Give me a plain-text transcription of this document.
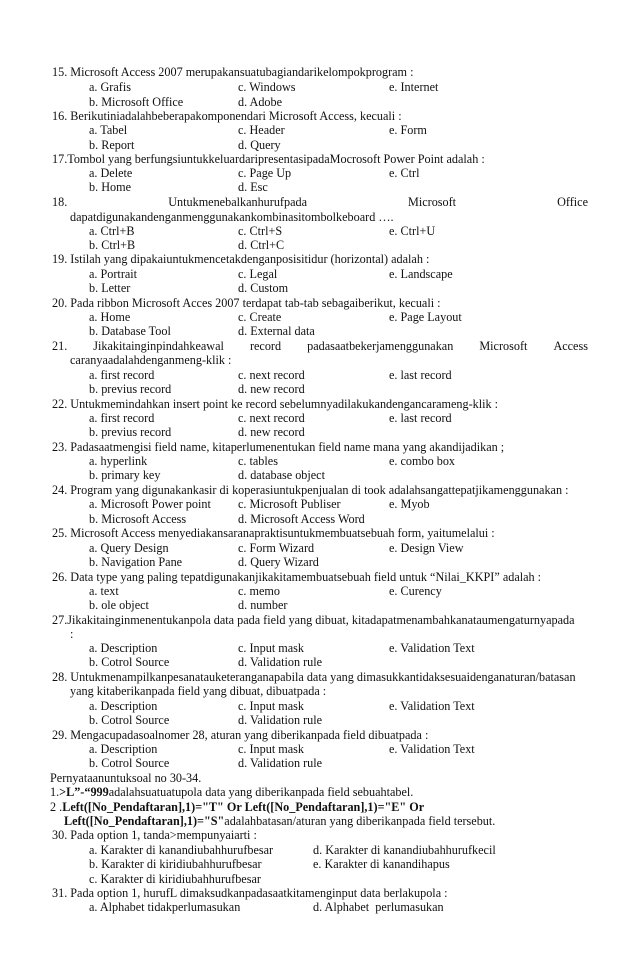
15. Microsoft Access 2007 merupakansuatubagiandarikelompokprogram :
a. Grafis	c. Windows	e. Internet
b. Microsoft Office	d. Adobe
16. Berikutiniadalahbeberapakomponendari Microsoft Access, kecuali :
a. Tabel	c. Header	e. Form
b. Report	d. Query
17.Tombol yang berfungsiuntukkeluardaripresentasipadaMocrosoft Power Point adalah :
a. Delete	c. Page Up	e. Ctrl
b. Home	d. Esc
18.	Untukmenebalkanhurufpada	Microsoft	Office
dapatdigunakandenganmenggunakankombinasitombolkeboard ….
a. Ctrl+B	c. Ctrl+S	e. Ctrl+U
b. Ctrl+B	d. Ctrl+C
19. Istilah yang dipakaiuntukmencetakdenganposisitidur (horizontal) adalah :
a. Portrait	c. Legal	e. Landscape
b. Letter	d. Custom
20. Pada ribbon Microsoft Acces 2007 terdapat tab-tab sebagaiberikut, kecuali :
a. Home	c. Create	e. Page Layout
b. Database Tool	d. External data
21. Jikakitainginpindahkeawal record padasaatbekerjamenggunakan Microsoft Access
caranyaadalahdenganmeng-klik :
a. first record	c. next record	e. last record
b. previus record	d. new record
22. Untukmemindahkan insert point ke record sebelumnyadilakukandengancarameng-klik :
a. first record	c. next record	e. last record
b. previus record	d. new record
23. Padasaatmengisi field name, kitaperlumenentukan field name mana yang akandijadikan ;
a. hyperlink	c. tables	e. combo box
b. primary key	d. database object
24. Program yang digunakankasir di koperasiuntukpenjualan di took adalahsangattepatjikamenggunakan :
a. Microsoft Power point c. Microsoft Publiser	e. Myob
b. Microsoft Access	d. Microsoft Access Word
25. Microsoft Access menyediakansaranapraktisuntukmembuatsebuah form, yaitumelalui :
a. Query Design	c. Form Wizard	e. Design View
b. Navigation Pane	d. Query Wizard
26. Data type yang paling tepatdigunakanjikakitamembuatsebuah field untuk “Nilai_KKPI” adalah :
a. text	c. memo	e. Curency
b. ole object	d. number
27.Jikakitainginmenentukanpola data pada field yang dibuat, kitadapatmenambahkanataumengaturnyapada
:
a. Description	c. Input mask	e. Validation Text
b. Cotrol Source	d. Validation rule
28. Untukmenampilkanpesanatauketeranganapabila data yang dimasukkantidaksesuaidenganaturan/batasan
yang kitaberikanpada field yang dibuat, dibuatpada :
a. Description	c. Input mask	e. Validation Text
b. Cotrol Source	d. Validation rule
29. Mengacupadasoalnomer 28, aturan yang diberikanpada field dibuatpada :
a. Description	c. Input mask	e. Validation Text
b. Cotrol Source	d. Validation rule
Pernyataanuntuksoal no 30-34.
1.>L”-“999adalahsuatuatupola data yang diberikanpada field sebuahtabel.
2 .Left([No_Pendaftaran],1)="T" Or Left([No_Pendaftaran],1)="E" Or
Left([No_Pendaftaran],1)="S"adalahbatasan/aturan yang diberikanpada field tersebut.
30. Pada option 1, tanda>mempunyaiarti :
a. Karakter di kanandiubahhurufbesar	d. Karakter di kanandiubahhurufkecil
b. Karakter di kiridiubahhurufbesar	e. Karakter di kanandihapus
c. Karakter di kiridiubahhurufbesar
31. Pada option 1, hurufL dimaksudkanpadasaatkitamenginput data berlakupola :
a. Alphabet tidakperlumasukan	d. Alphabet  perlumasukan
